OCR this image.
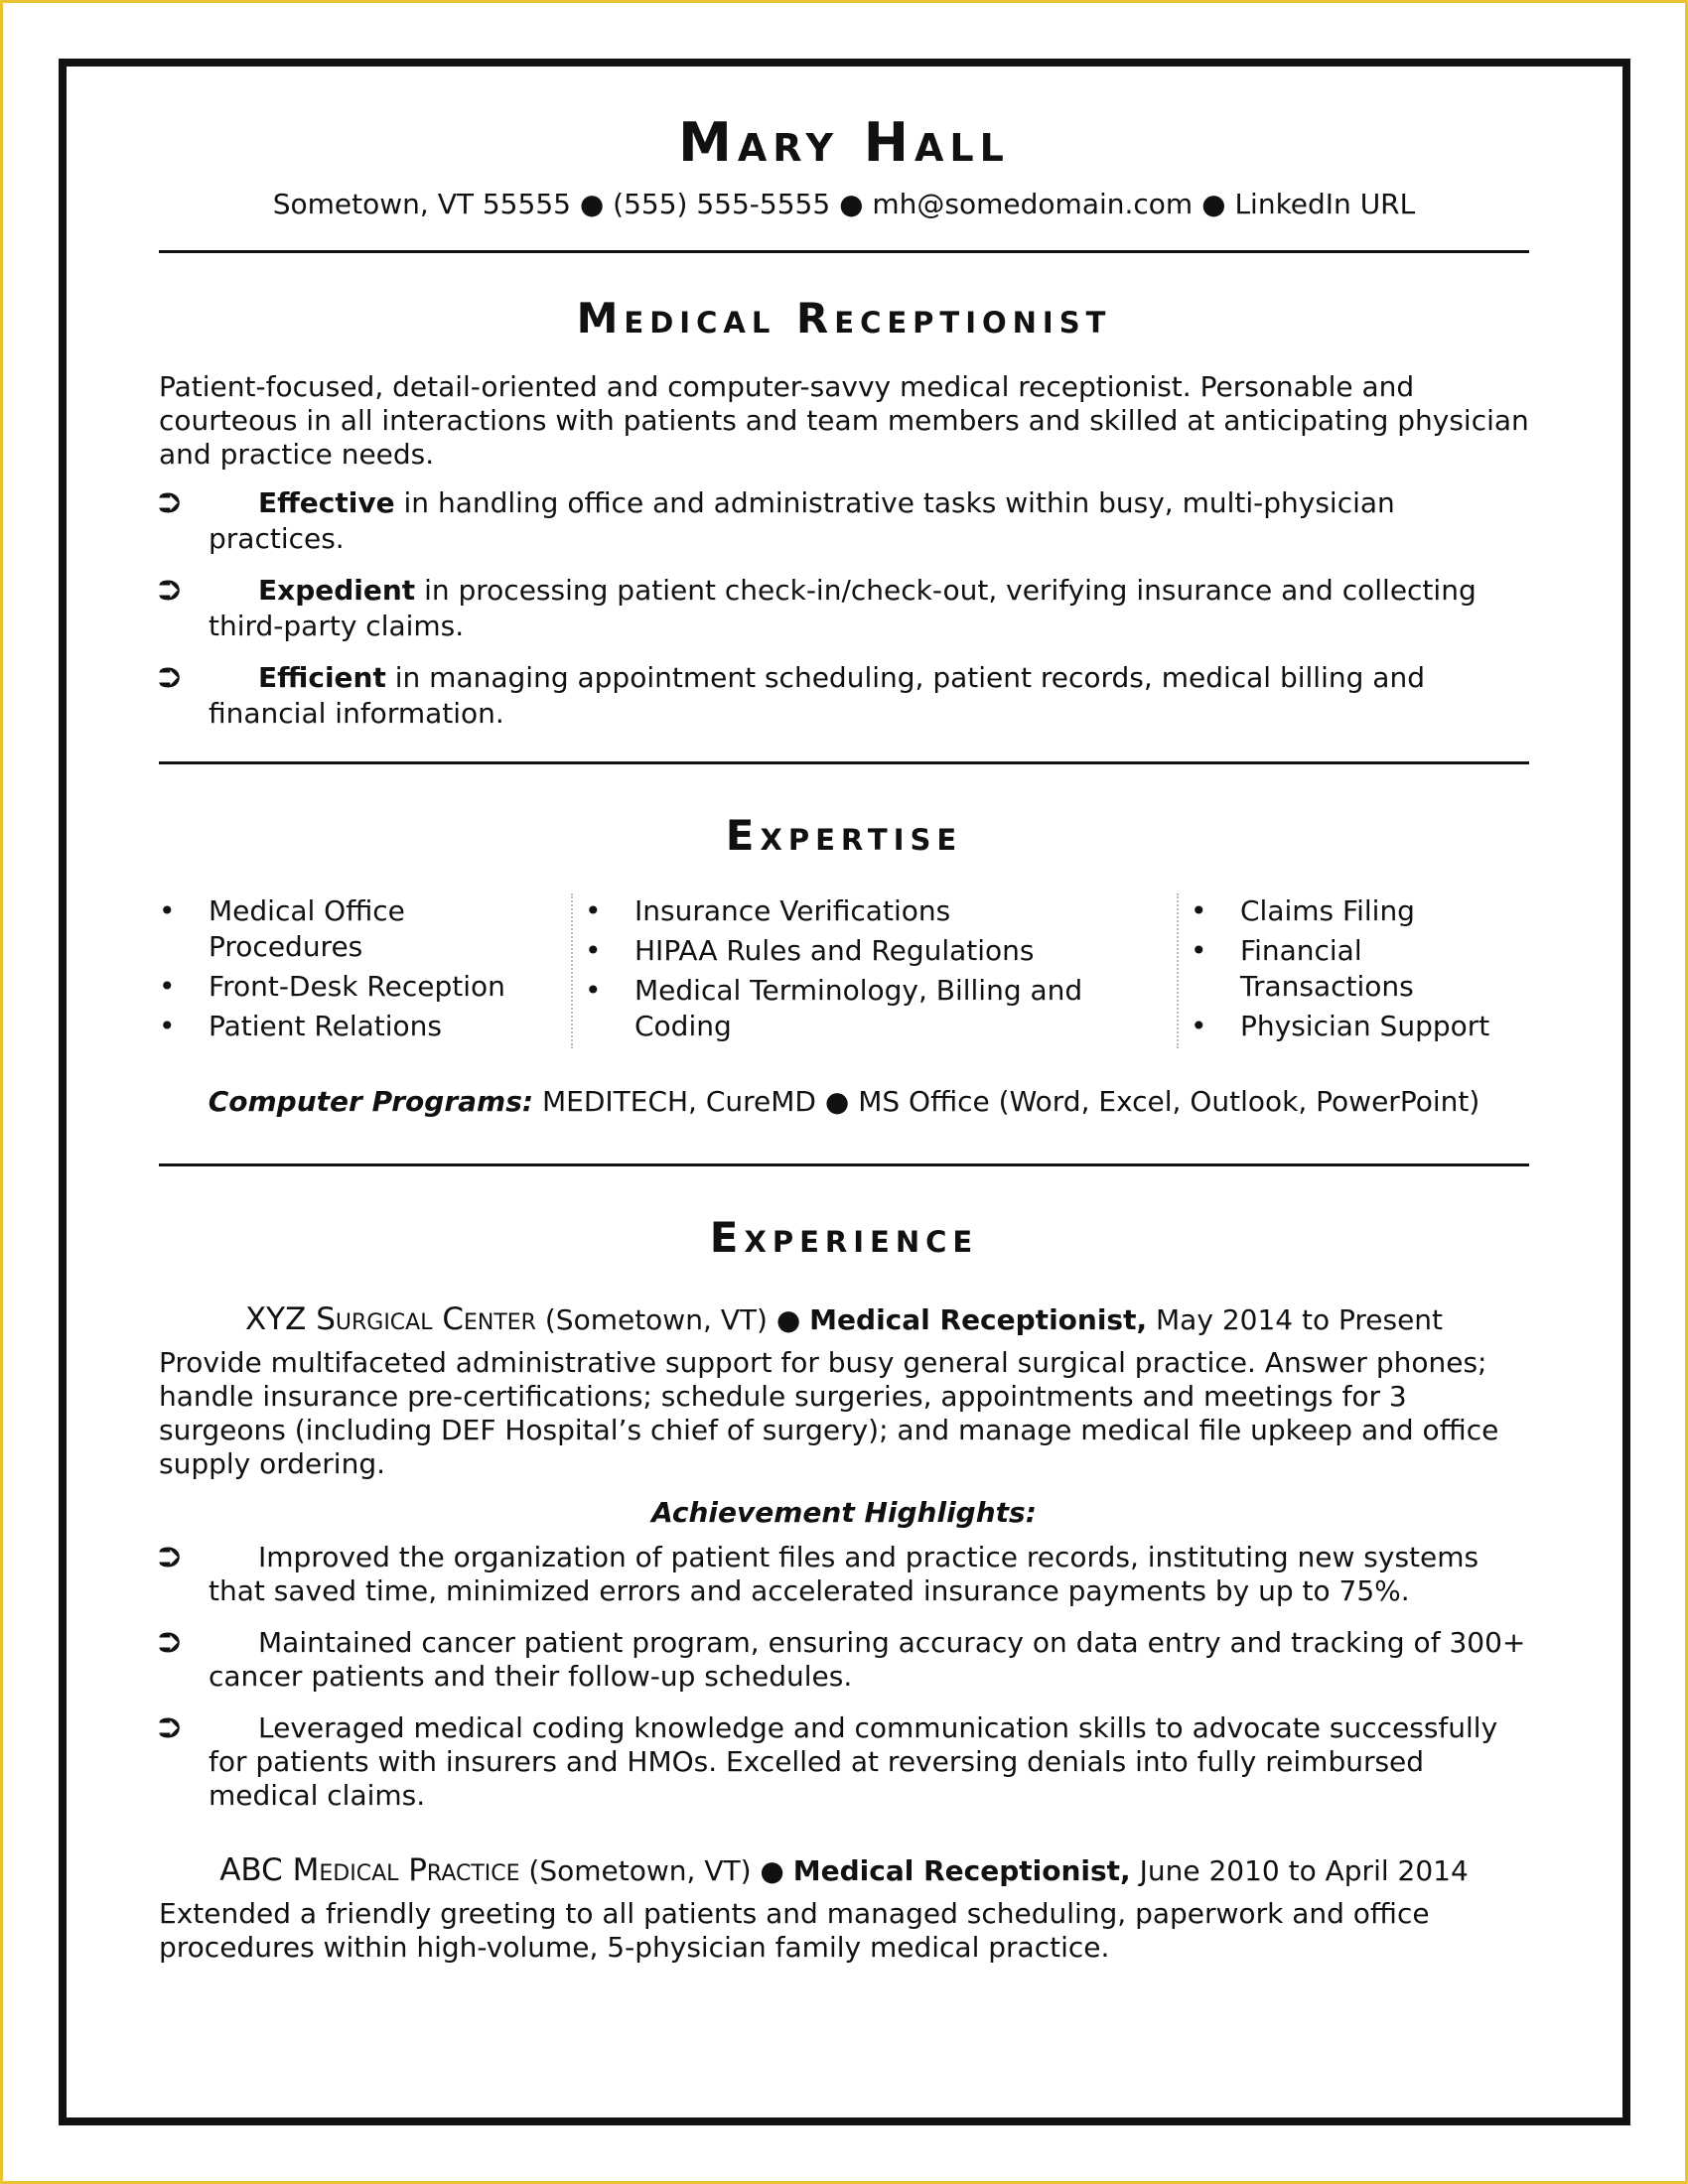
Mary Hall
Sometown, VT 55555 ● (555) 555-5555 ● mh@somedomain.com ● LinkedIn URL
Medical Receptionist

Patient-focused, detail-oriented and computer-savvy medical receptionist. Personable and courteous in all interactions with patients and team members and skilled at anticipating physician and practice needs.

⮊	Effective in handling office and administrative tasks within busy, multi-physician practices.
⮊	Expedient in processing patient check-in/check-out, verifying insurance and collecting third-party claims.
⮊	Efficient in managing appointment scheduling, patient records, medical billing and financial information.
Expertise
• Medical Office Procedures
• Front-Desk Reception
• Patient Relations
• Insurance Verifications
• HIPAA Rules and Regulations
• Medical Terminology, Billing and Coding
• Claims Filing
• Financial Transactions
• Physician Support
Computer Programs: MEDITECH, CureMD ● MS Office (Word, Excel, Outlook, PowerPoint)
Experience
XYZ Surgical Center (Sometown, VT) ● Medical Receptionist, May 2014 to Present

Provide multifaceted administrative support for busy general surgical practice. Answer phones; handle insurance pre-certifications; schedule surgeries, appointments and meetings for 3 surgeons (including DEF Hospital’s chief of surgery); and manage medical file upkeep and office supply ordering.

Achievement Highlights:
⮊	Improved the organization of patient files and practice records, instituting new systems that saved time, minimized errors and accelerated insurance payments by up to 75%.
⮊	Maintained cancer patient program, ensuring accuracy on data entry and tracking of 300+ cancer patients and their follow-up schedules.
⮊	Leveraged medical coding knowledge and communication skills to advocate successfully for patients with insurers and HMOs. Excelled at reversing denials into fully reimbursed medical claims.
ABC Medical Practice (Sometown, VT) ● Medical Receptionist, June 2010 to April 2014

Extended a friendly greeting to all patients and managed scheduling, paperwork and office procedures within high-volume, 5-physician family medical practice.
